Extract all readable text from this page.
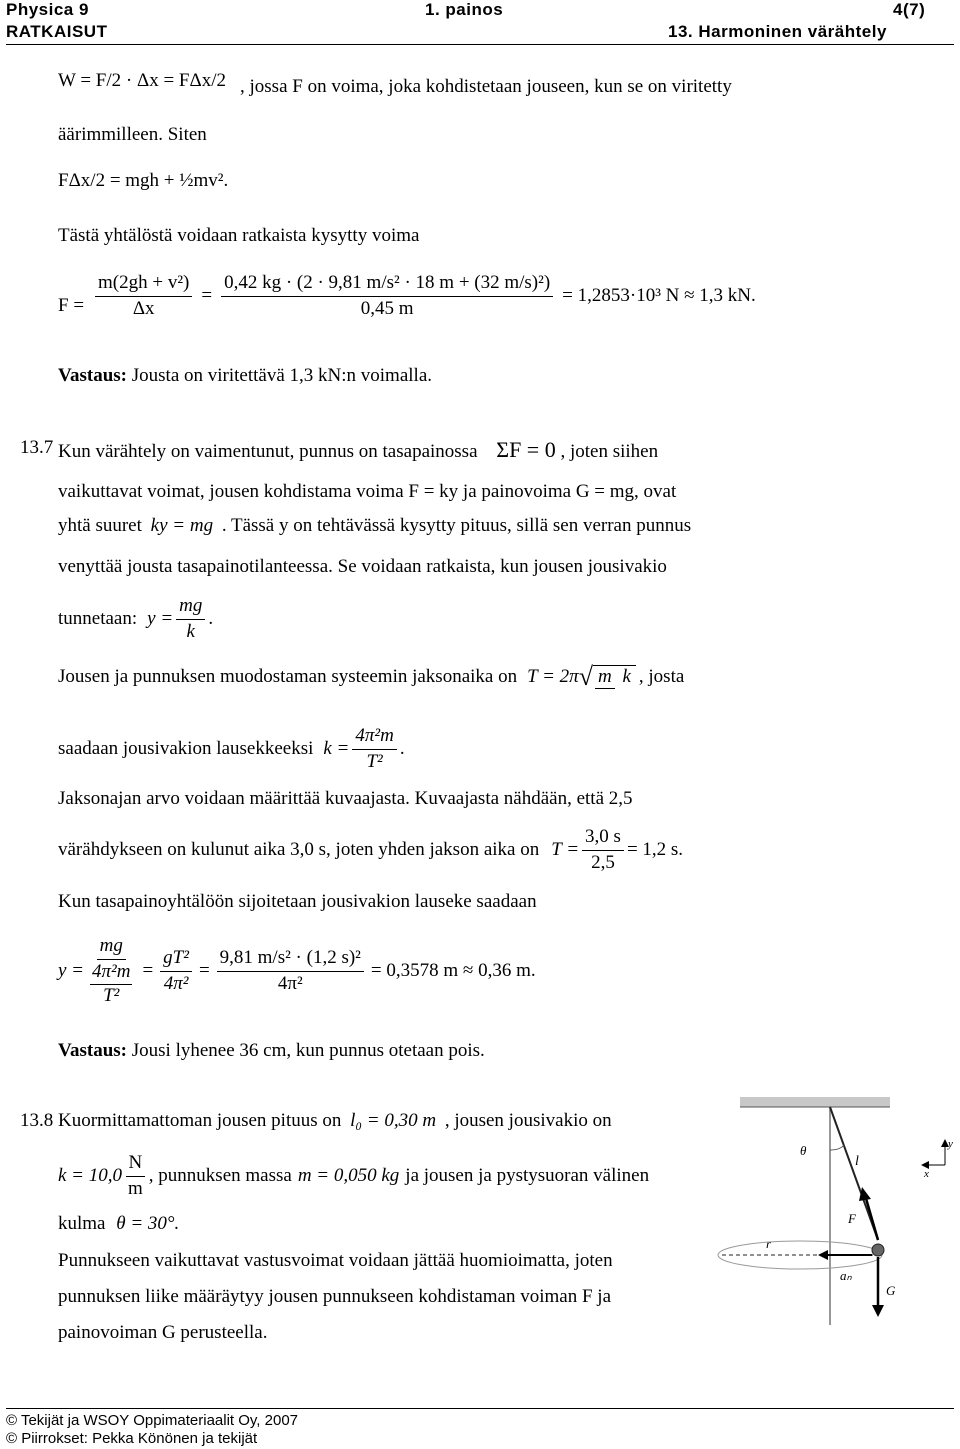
Physica 9	1. painos	4(7)
RATKAISUT	13. Harmoninen värähtely
W = F/2 · Δx = FΔx/2 , jossa F on voima, joka kohdistetaan jouseen, kun se on viritetty
äärimmilleen. Siten
FΔx/2 = mgh + ½mv².
Tästä yhtälöstä voidaan ratkaista kysytty voima
$F = \frac{\text{m(2gh + v²)}}{\Delta x} = \frac{\text{0,42 kg · (2 · 9,81 m/s² · 18 m + (32 m/s)²)}}{0,45 m} = 1,2853\cdot 10^3$ N ≈ 1,3 kN.
Vastaus: Jousta on viritettävä 1,3 kN:n voimalla.
13.7 Kun värähtely on vaimentunut, punnus on tasapainossa ΣF = 0 , joten siihen
vaikuttavat voimat, jousen kohdistama voima F = ky ja painovoima G = mg, ovat
yhtä suuret ky = mg . Tässä y on tehtävässä kysytty pituus, sillä sen verran punnus
venyttää jousta tasapainotilanteessa. Se voidaan ratkaista, kun jousen jousivakio
tunnetaan: $y = \frac{mg}{k}$ .
Jousen ja punnuksen muodostaman systeemin jaksonaika on T = 2π √ m k , josta
saadaan jousivakion lausekkeeksi $k = \frac{\text{4π²m}}{\text{T²}}$ .
Jaksonajan arvo voidaan määrittää kuvaajasta. Kuvaajasta nähdään, että 2,5
värähdykseen on kulunut aika 3,0 s, joten yhden jakson aika on $T = \frac{3,0 s}{2,5} = 1,2$ s.
Kun tasapainoyhtälöön sijoitetaan jousivakion lauseke saadaan
$y = \frac{mg}{\frac{\text{4π²m}}{\text{T²}}} = \frac{\text{gT²}}{\text{4π²}} = \frac{\text{9,81 m/s² · (1,2 s)²}}{\text{4π²}} = 0,3578$ m ≈ 0,36 m.
Vastaus: Jousi lyhenee 36 cm, kun punnus otetaan pois.
13.8 Kuormittamattoman jousen pituus on l₀ = 0,30 m , jousen jousivakio on
$k = 10,0 \frac{N}{m}$ , punnuksen massa m = 0,050 kg ja jousen ja pystysuoran välinen
kulma θ = 30°.
Punnukseen vaikuttavat vastusvoimat voidaan jättää huomioimatta, joten
punnuksen liike määräytyy jousen punnukseen kohdistaman voiman F ja
painovoiman G perusteella.
θ
l
F
r
aₙ
G
y
x
© Tekijät ja WSOY Oppimateriaalit Oy, 2007
© Piirrokset: Pekka Könönen ja tekijät
